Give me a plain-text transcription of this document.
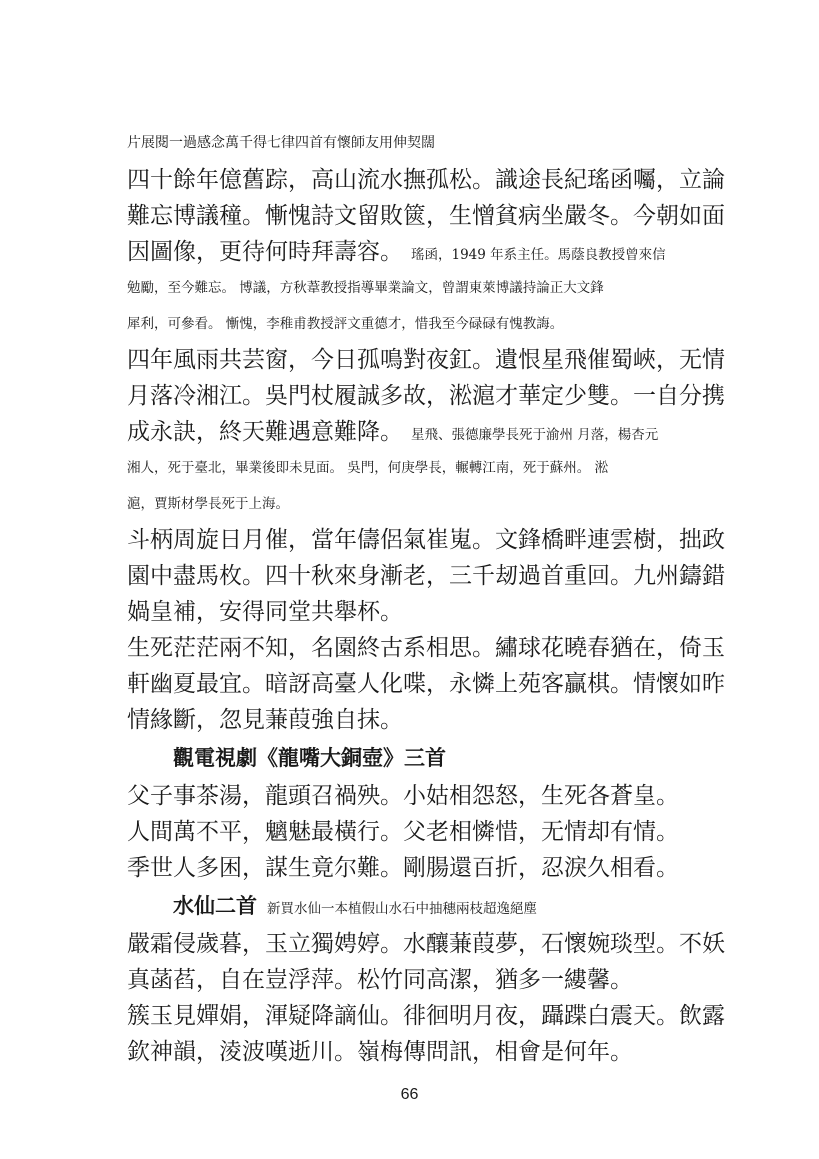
片展閱一過感念萬千得七律四首有懷師友用伸契闊
四十餘年億舊踪，高山流水撫孤松。識途長紀瑤函囑，立論
難忘博議穜。慚愧詩文留敗篋，生憎貧病坐嚴冬。今朝如面
因圖像，更待何時拜壽容。 瑤函，1949 年系主任。馬蔭良教授曾來信
勉勵，至今難忘。 博議，方秋葦教授指導畢業論文，曾謂東萊博議持論正大文鋒
犀利，可參看。 慚愧，李稚甫教授評文重德才，惜我至今碌碌有愧教誨。
四年風雨共芸窗，今日孤鳴對夜釭。遺恨星飛催蜀峽，无情
月落冷湘江。吳門杖履誠多故，淞滬才華定少雙。一自分携
成永訣，終天難遇意難降。 星飛、張德廉學長死于渝州 月落，楊杏元
湘人，死于臺北，畢業後即未見面。 吳門，何庚學長，輾轉江南，死于蘇州。 淞
滬，賈斯材學長死于上海。
斗柄周旋日月催，當年儔侶氣崔嵬。文鋒橋畔連雲樹，拙政
園中盡馬枚。四十秋來身漸老，三千刼過首重回。九州鑄錯
媧皇補，安得同堂共舉杯。
生死茫茫兩不知，名園終古系相思。繡球花曉春猶在，倚玉
軒幽夏最宜。暗訝高臺人化喋，永憐上苑客贏棋。情懷如昨
情緣斷，忽見蒹葭強自抹。
觀電視劇《龍嘴大銅壺》三首
父子事茶湯，龍頭召禍殃。小姑相怨怒，生死各蒼皇。
人間萬不平，魑魅最橫行。父老相憐惜，无情却有情。
季世人多困，謀生竟尔難。剛腸還百折，忍淚久相看。
水仙二首 新買水仙一本植假山水石中抽穗兩枝超逸絕塵
嚴霜侵歲暮，玉立獨娉婷。水釀蒹葭夢，石懷婉琰型。不妖
真菡萏，自在豈浮萍。松竹同高潔，猶多一縷馨。
簇玉見嬋娟，渾疑降謫仙。徘徊明月夜，躡蹀白震天。飲露
欽神韻，淩波嘆逝川。嶺梅傳問訊，相會是何年。
66
